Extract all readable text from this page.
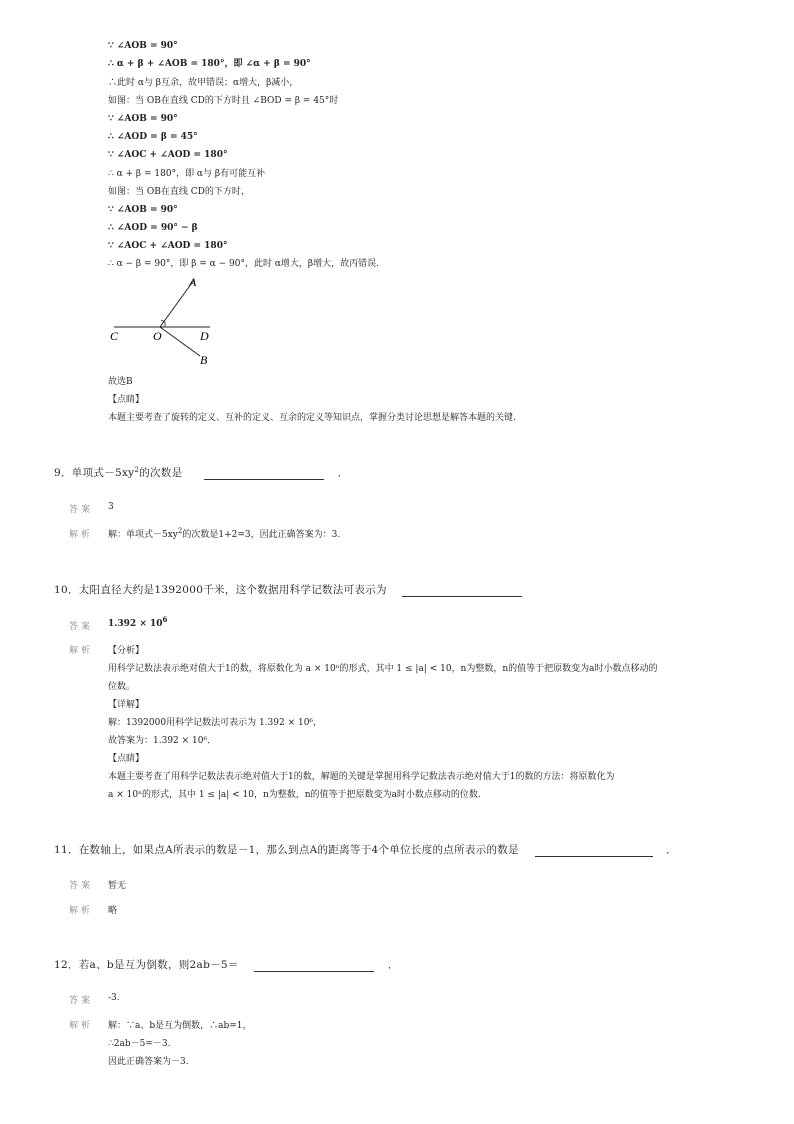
∵ ∠AOB = 90°
∴ α + β + ∠AOB = 180°，即 ∠α + β = 90°
∴此时 α与 β互余，故甲错误；α增大，β减小，
如图：当 OB在直线 CD的下方时且 ∠BOD = β = 45°时
∵ ∠AOB = 90°
∴ ∠AOD = β = 45°
∵ ∠AOC + ∠AOD = 180°
∴ α + β = 180°，即 α与 β有可能互补
如图：当 OB在直线 CD的下方时，
∵ ∠AOB = 90°
∴ ∠AOD = 90° − β
∵ ∠AOC + ∠AOD = 180°
∴ α − β = 90°，即 β = α − 90°，此时 α增大，β增大，故丙错误．
A
B
C	O	D
故选B
【点睛】
本题主要考查了旋转的定义、互补的定义、互余的定义等知识点，掌握分类讨论思想是解答本题的关键.
9．单项式$-5xy^2$的次数是	．
答案 3
解析 解：单项式$-5xy^2$的次数是1+2=3，因此正确答案为：3.
10．太阳直径大约是1392000千米，这个数据用科学记数法可表示为
答案 $1.392 \times 10^6$
解析 【分析】
用科学记数法表示绝对值大于1的数，将原数化为 a × 10ⁿ的形式，其中 1 ≤ |a| < 10，n为整数，n的值等于把原数变为a时小数点移动的
位数。
【详解】
解：1392000用科学记数法可表示为 1.392 × 10⁶，
故答案为：1.392 × 10⁶．
【点睛】
本题主要考查了用科学记数法表示绝对值大于1的数，解题的关键是掌握用科学记数法表示绝对值大于1的数的方法：将原数化为
a × 10ⁿ的形式，其中 1 ≤ |a| < 10，n为整数，n的值等于把原数变为a时小数点移动的位数.
11．在数轴上，如果点A所表示的数是－1，那么到点A的距离等于4个单位长度的点所表示的数是	．
答案 暂无
解析 略
12．若a、b是互为倒数，则2ab－5＝	．
答案 -3.
解析 解：∵a、b是互为倒数，∴ab=1，
∴2ab－5=－3.
因此正确答案为－3.
